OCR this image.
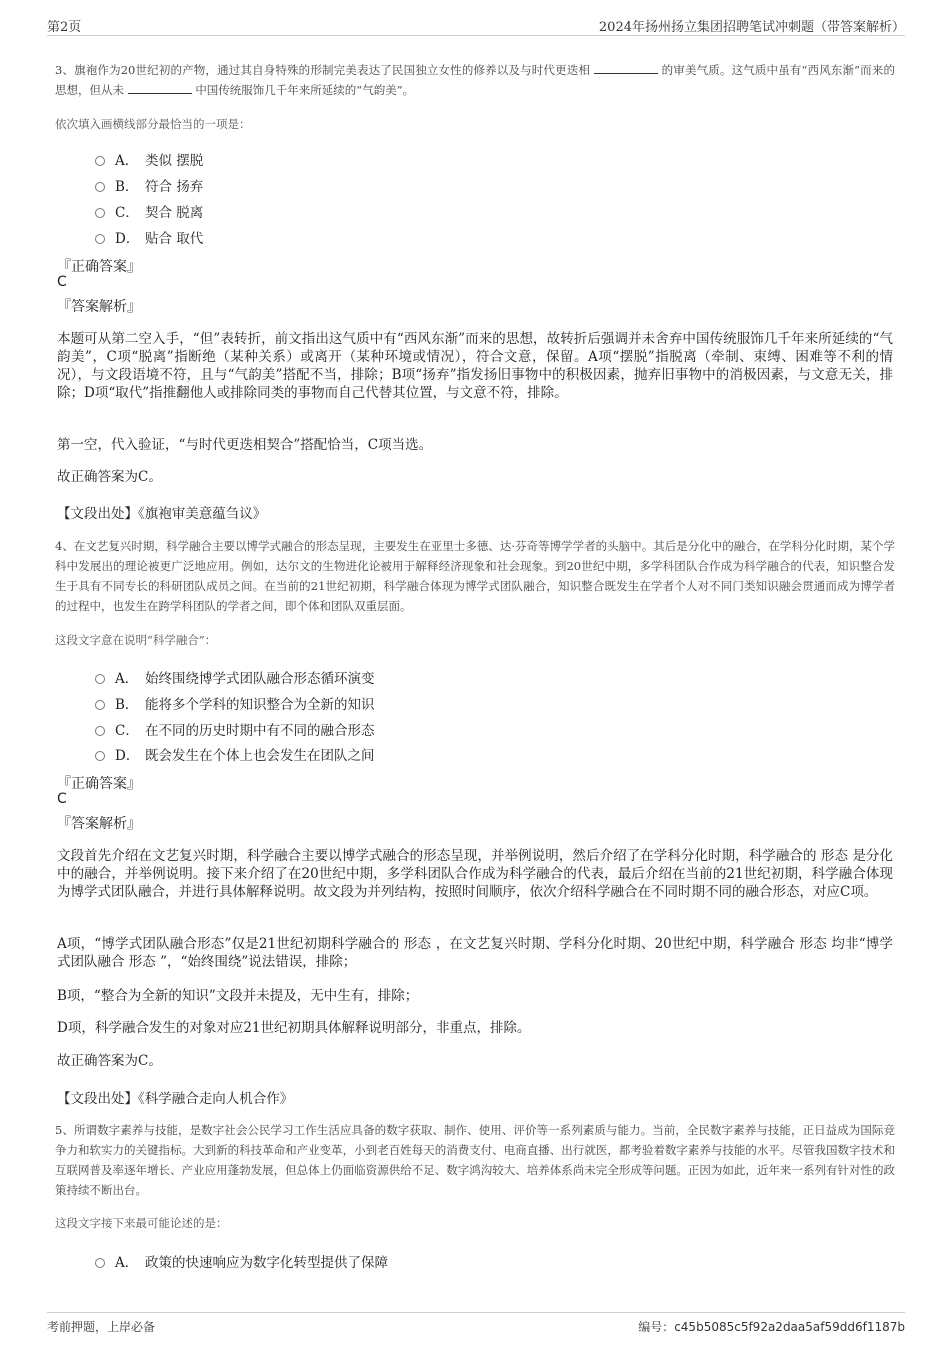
第2页	2024年扬州扬立集团招聘笔试冲刺题（带答案解析）
3、旗袍作为20世纪初的产物，通过其自身特殊的形制完美表达了民国独立女性的修养以及与时代更迭相	的审美气质。这气质中虽有“西风东渐”而来的思想，但从未	中国传统服饰几千年来所延续的“气韵美”。
依次填入画横线部分最恰当的一项是：
A． 类似 摆脱
B． 符合 扬弃
C． 契合 脱离
D． 贴合 取代
『正确答案』
C
『答案解析』
本题可从第二空入手，“但”表转折，前文指出这气质中有“西风东渐”而来的思想，故转折后强调并未舍弃中国传统服饰几千年来所延续的“气韵美”，C项“脱离”指断绝（某种关系）或离开（某种环境或情况），符合文意，保留。A项“摆脱”指脱离（牵制、束缚、困难等不利的情况），与文段语境不符，且与“气韵美”搭配不当，排除；B项“扬弃”指发扬旧事物中的积极因素，抛弃旧事物中的消极因素，与文意无关，排除；D项“取代”指推翻他人或排除同类的事物而自己代替其位置，与文意不符，排除。
第一空，代入验证，“与时代更迭相契合”搭配恰当，C项当选。
故正确答案为C。
【文段出处】《旗袍审美意蕴刍议》
4、在文艺复兴时期，科学融合主要以博学式融合的形态呈现，主要发生在亚里士多德、达·芬奇等博学学者的头脑中。其后是分化中的融合，在学科分化时期，某个学科中发展出的理论被更广泛地应用。例如，达尔文的生物进化论被用于解释经济现象和社会现象。到20世纪中期，多学科团队合作成为科学融合的代表，知识整合发生于具有不同专长的科研团队成员之间。在当前的21世纪初期，科学融合体现为博学式团队融合，知识整合既发生在学者个人对不同门类知识融会贯通而成为博学者的过程中，也发生在跨学科团队的学者之间，即个体和团队双重层面。
这段文字意在说明“科学融合”：
A． 始终围绕博学式团队融合形态循环演变
B． 能将多个学科的知识整合为全新的知识
C． 在不同的历史时期中有不同的融合形态
D． 既会发生在个体上也会发生在团队之间
『正确答案』
C
『答案解析』
文段首先介绍在文艺复兴时期，科学融合主要以博学式融合的形态呈现，并举例说明，然后介绍了在学科分化时期，科学融合的 形态 是分化中的融合，并举例说明。接下来介绍了在20世纪中期，多学科团队合作成为科学融合的代表，最后介绍在当前的21世纪初期，科学融合体现为博学式团队融合，并进行具体解释说明。故文段为并列结构，按照时间顺序，依次介绍科学融合在不同时期不同的融合形态，对应C项。
A项，“博学式团队融合形态”仅是21世纪初期科学融合的 形态 ，在文艺复兴时期、学科分化时期、20世纪中期，科学融合 形态 均非“博学式团队融合 形态 ”，“始终围绕”说法错误，排除；
B项，“整合为全新的知识”文段并未提及，无中生有，排除；
D项，科学融合发生的对象对应21世纪初期具体解释说明部分，非重点，排除。
故正确答案为C。
【文段出处】《科学融合走向人机合作》
5、所谓数字素养与技能，是数字社会公民学习工作生活应具备的数字获取、制作、使用、评价等一系列素质与能力。当前，全民数字素养与技能，正日益成为国际竞争力和软实力的关键指标。大到新的科技革命和产业变革，小到老百姓每天的消费支付、电商直播、出行就医，都考验着数字素养与技能的水平。尽管我国数字技术和互联网普及率逐年增长、产业应用蓬勃发展，但总体上仍面临资源供给不足、数字鸿沟较大、培养体系尚未完全形成等问题。正因为如此，近年来一系列有针对性的政策持续不断出台。
这段文字接下来最可能论述的是：
A． 政策的快速响应为数字化转型提供了保障
考前押题，上岸必备	编号：c45b5085c5f92a2daa5af59dd6f1187b
